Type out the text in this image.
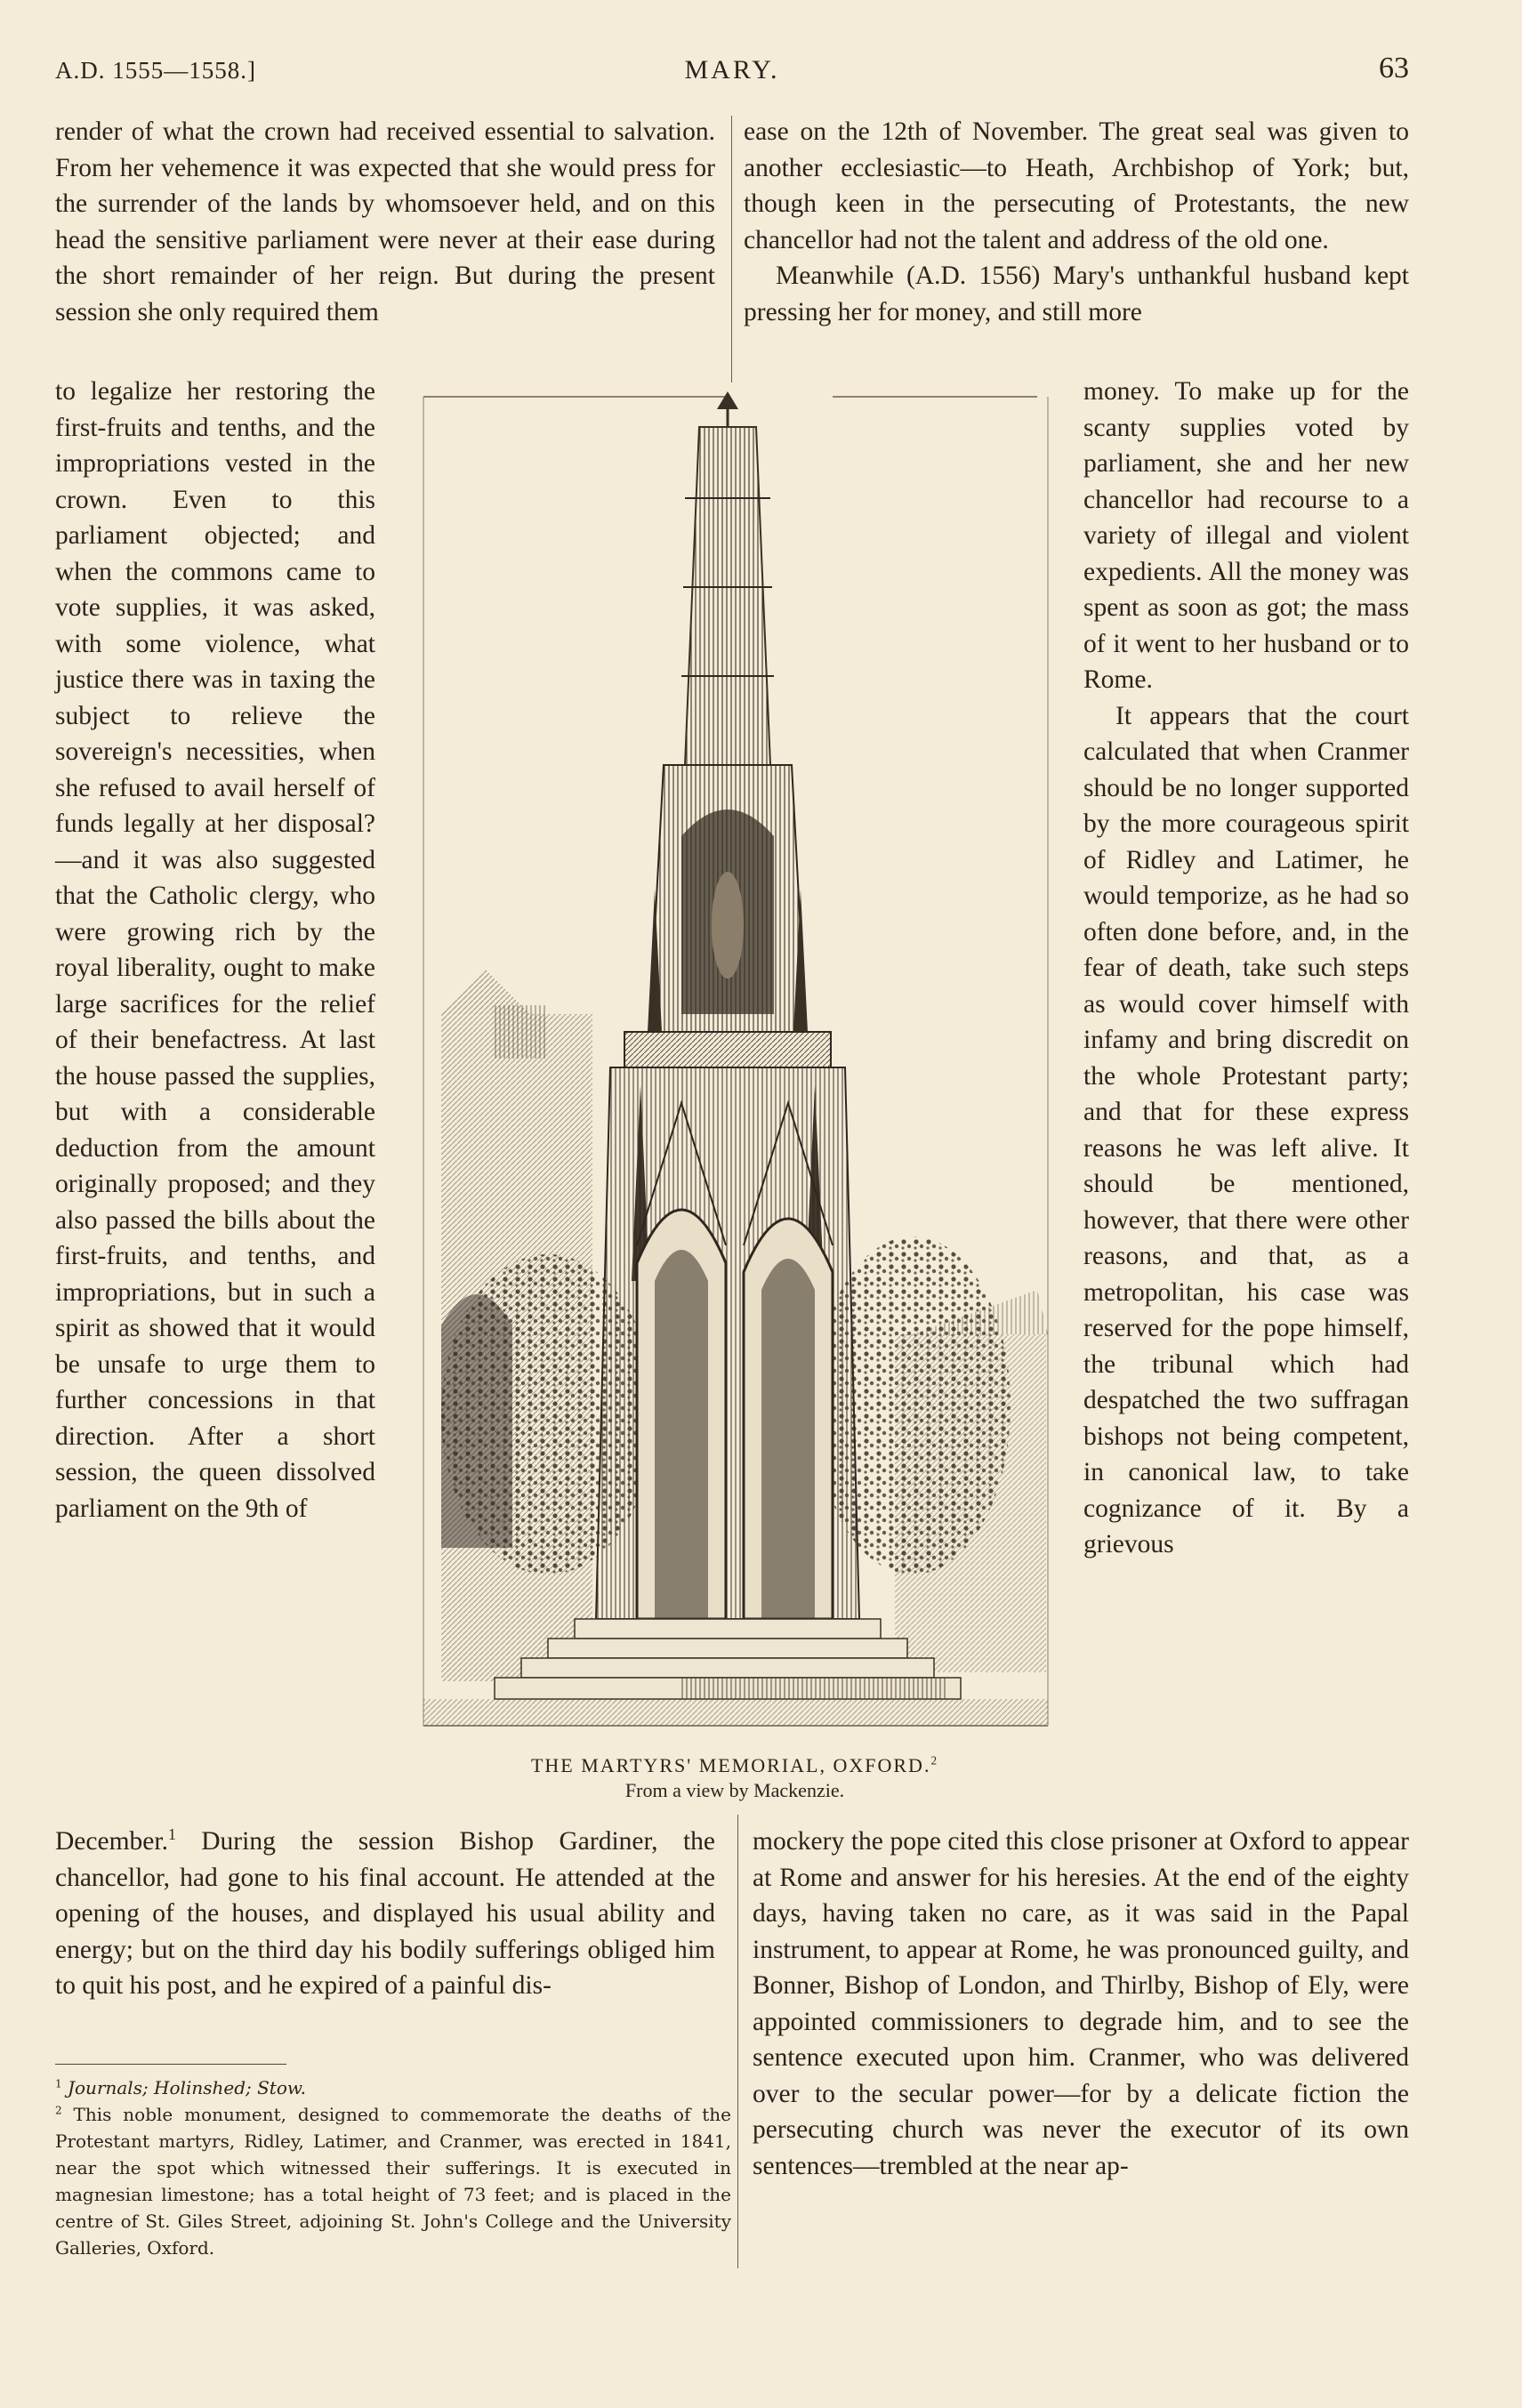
A.D. 1555—1558.]	MARY.	63

render of what the crown had received essential to salvation. From her vehemence it was expected that she would press for the surrender of the lands by whomsoever held, and on this head the sensitive parliament were never at their ease during the short remainder of her reign. But during the present session she only required them

to legalize her restoring the first-fruits and tenths, and the impropriations vested in the crown. Even to this parliament objected; and when the commons came to vote supplies, it was asked, with some violence, what justice there was in taxing the subject to relieve the sovereign's necessities, when she refused to avail herself of funds legally at her disposal? —and it was also suggested that the Catholic clergy, who were growing rich by the royal liberality, ought to make large sacrifices for the relief of their benefactress. At last the house passed the supplies, but with a considerable deduction from the amount originally proposed; and they also passed the bills about the first-fruits, and tenths, and impropriations, but in such a spirit as showed that it would be unsafe to urge them to further concessions in that direction. After a short session, the queen dissolved parliament on the 9th of

December.$^1$ During the session Bishop Gardiner, the chancellor, had gone to his final account. He attended at the opening of the houses, and displayed his usual ability and energy; but on the third day his bodily sufferings obliged him to quit his post, and he expired of a painful dis-

ease on the 12th of November. The great seal was given to another ecclesiastic—to Heath, Archbishop of York; but, though keen in the persecuting of Protestants, the new chancellor had not the talent and address of the old one.

Meanwhile (A.D. 1556) Mary's unthankful husband kept pressing her for money, and still more

money. To make up for the scanty supplies voted by parliament, she and her new chancellor had recourse to a variety of illegal and violent expedients. All the money was spent as soon as got; the mass of it went to her husband or to Rome.

It appears that the court calculated that when Cranmer should be no longer supported by the more courageous spirit of Ridley and Latimer, he would temporize, as he had so often done before, and, in the fear of death, take such steps as would cover himself with infamy and bring discredit on the whole Protestant party; and that for these express reasons he was left alive. It should be mentioned, however, that there were other reasons, and that, as a metropolitan, his case was reserved for the pope himself, the tribunal which had despatched the two suffragan bishops not being competent, in canonical law, to take cognizance of it. By a grievous

mockery the pope cited this close prisoner at Oxford to appear at Rome and answer for his heresies. At the end of the eighty days, having taken no care, as it was said in the Papal instrument, to appear at Rome, he was pronounced guilty, and Bonner, Bishop of London, and Thirlby, Bishop of Ely, were appointed commissioners to degrade him, and to see the sentence executed upon him. Cranmer, who was delivered over to the secular power—for by a delicate fiction the persecuting church was never the executor of its own sentences—trembled at the near ap-

THE MARTYRS' MEMORIAL, OXFORD.$^2$
From a view by Mackenzie.

$^1$ Journals; Holinshed; Stow.

$^2$ This noble monument, designed to commemorate the deaths of the Protestant martyrs, Ridley, Latimer, and Cranmer, was erected in 1841, near the spot which witnessed their sufferings. It is executed in magnesian limestone; has a total height of 73 feet; and is placed in the centre of St. Giles Street, adjoining St. John's College and the University Galleries, Oxford.
